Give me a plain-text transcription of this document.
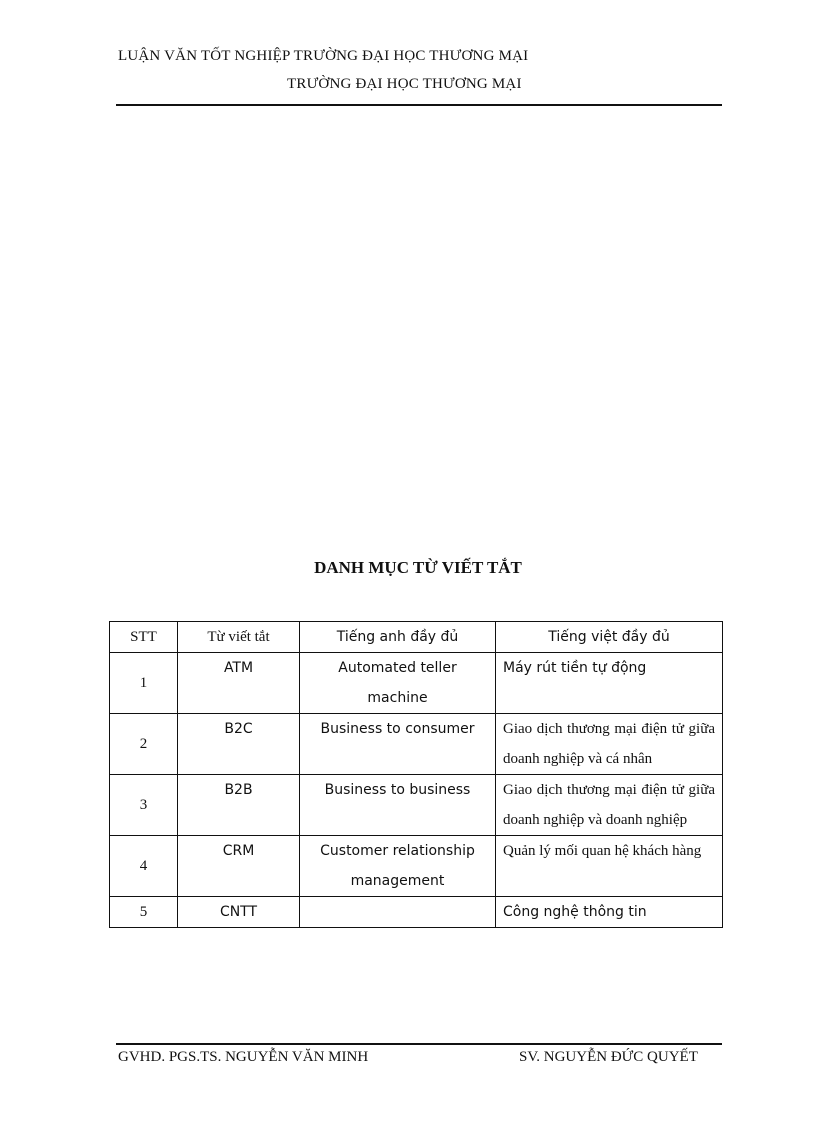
LUẬN VĂN TỐT NGHIỆP TRƯỜNG ĐẠI HỌC THƯƠNG MẠI
TRƯỜNG ĐẠI HỌC THƯƠNG MẠI
DANH MỤC TỪ VIẾT TẮT
STT	Từ viết tắt	Tiếng anh đầy đủ	Tiếng việt đầy đủ
1	ATM	Automated teller machine	Máy rút tiền tự động
2	B2C	Business to consumer	Giao dịch thương mại điện tử giữa doanh nghiệp và cá nhân
3	B2B	Business to business	Giao dịch thương mại điện tử giữa doanh nghiệp và doanh nghiệp
4	CRM	Customer relationship management	Quản lý mối quan hệ khách hàng
5	CNTT		Công nghệ thông tin
GVHD. PGS.TS. NGUYỄN VĂN MINH	SV. NGUYỄN ĐỨC QUYẾT
